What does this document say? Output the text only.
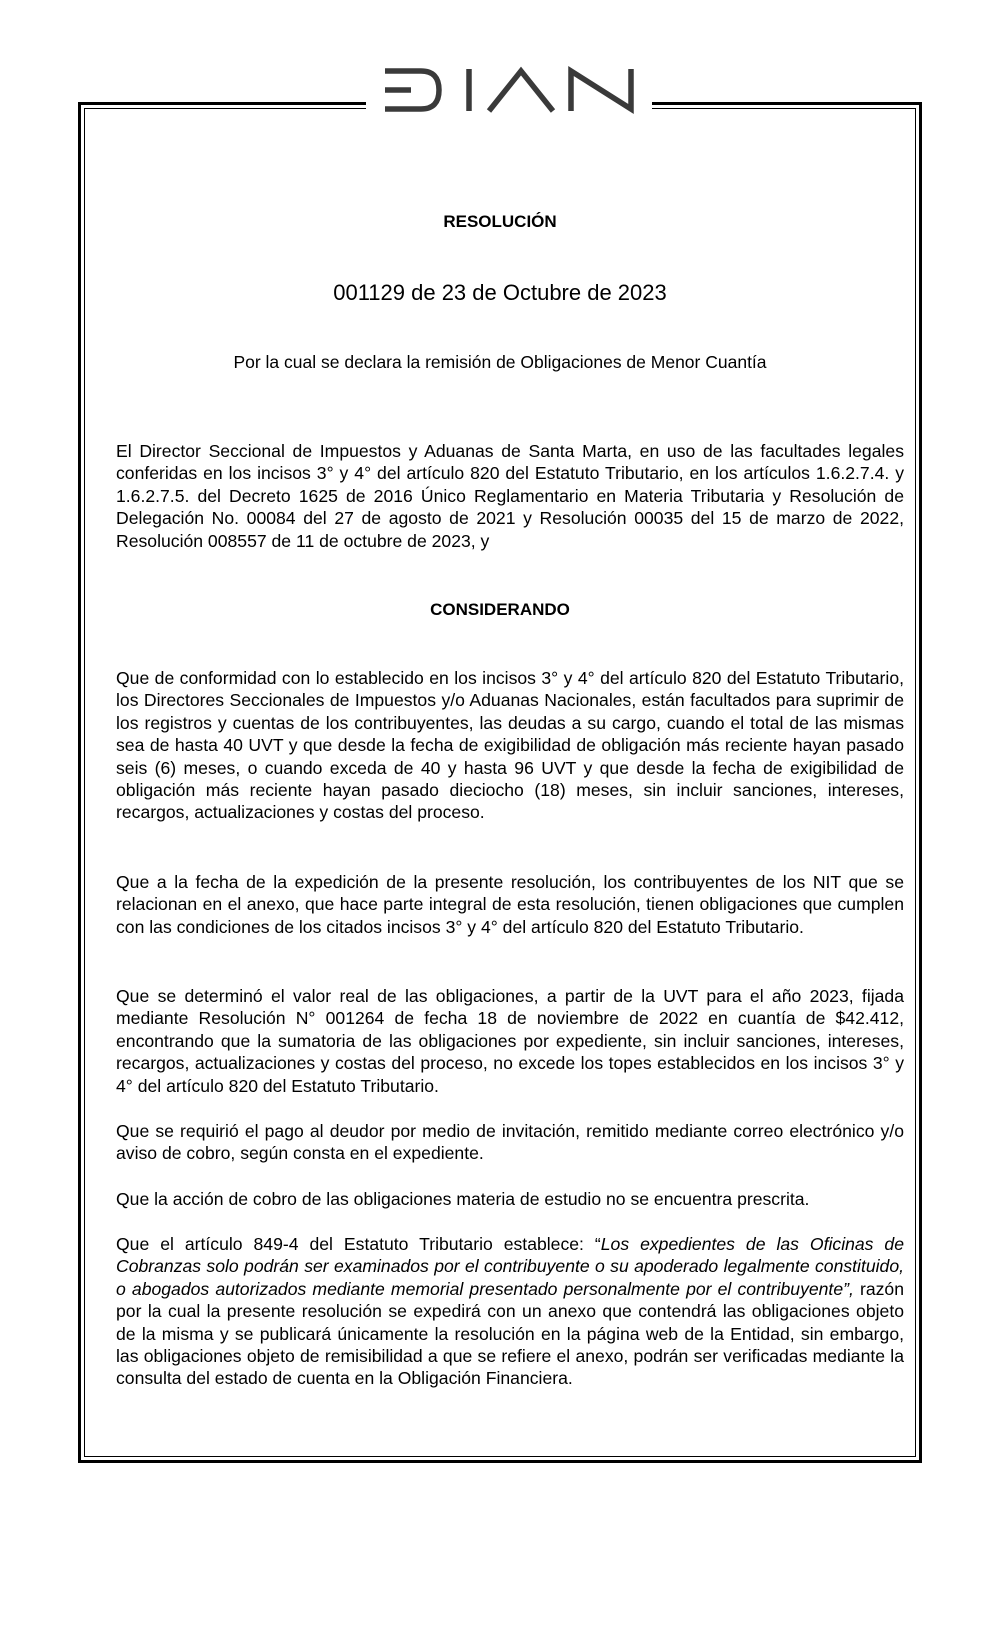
RESOLUCIÓN
001129 de 23 de Octubre de 2023
Por la cual se declara la remisión de Obligaciones de Menor Cuantía

El Director Seccional de Impuestos y Aduanas de Santa Marta, en uso de las facultades legales conferidas en los incisos 3° y 4° del artículo 820 del Estatuto Tributario, en los artículos 1.6.2.7.4. y 1.6.2.7.5. del Decreto 1625 de 2016 Único Reglamentario en Materia Tributaria y Resolución de Delegación No. 00084 del 27 de agosto de 2021 y Resolución 00035 del 15 de marzo de 2022, Resolución 008557 de 11 de octubre de 2023, y

CONSIDERANDO

Que de conformidad con lo establecido en los incisos 3° y 4° del artículo 820 del Estatuto Tributario, los Directores Seccionales de Impuestos y/o Aduanas Nacionales, están facultados para suprimir de los registros y cuentas de los contribuyentes, las deudas a su cargo, cuando el total de las mismas sea de hasta 40 UVT y que desde la fecha de exigibilidad de obligación más reciente hayan pasado seis (6) meses, o cuando exceda de 40 y hasta 96 UVT y que desde la fecha de exigibilidad de obligación más reciente hayan pasado dieciocho (18) meses, sin incluir sanciones, intereses, recargos, actualizaciones y costas del proceso.

Que a la fecha de la expedición de la presente resolución, los contribuyentes de los NIT que se relacionan en el anexo, que hace parte integral de esta resolución, tienen obligaciones que cumplen con las condiciones de los citados incisos 3° y 4° del artículo 820 del Estatuto Tributario.

Que se determinó el valor real de las obligaciones, a partir de la UVT para el año 2023, fijada mediante Resolución N° 001264 de fecha 18 de noviembre de 2022 en cuantía de $42.412, encontrando que la sumatoria de las obligaciones por expediente, sin incluir sanciones, intereses, recargos, actualizaciones y costas del proceso, no excede los topes establecidos en los incisos 3° y 4° del artículo 820 del Estatuto Tributario.

Que se requirió el pago al deudor por medio de invitación, remitido mediante correo electrónico y/o aviso de cobro, según consta en el expediente.

Que la acción de cobro de las obligaciones materia de estudio no se encuentra prescrita.

Que el artículo 849-4 del Estatuto Tributario establece: “Los expedientes de las Oficinas de Cobranzas solo podrán ser examinados por el contribuyente o su apoderado legalmente constituido, o abogados autorizados mediante memorial presentado personalmente por el contribuyente”, razón por la cual la presente resolución se expedirá con un anexo que contendrá las obligaciones objeto de la misma y se publicará únicamente la resolución en la página web de la Entidad, sin embargo, las obligaciones objeto de remisibilidad a que se refiere el anexo, podrán ser verificadas mediante la consulta del estado de cuenta en la Obligación Financiera.
